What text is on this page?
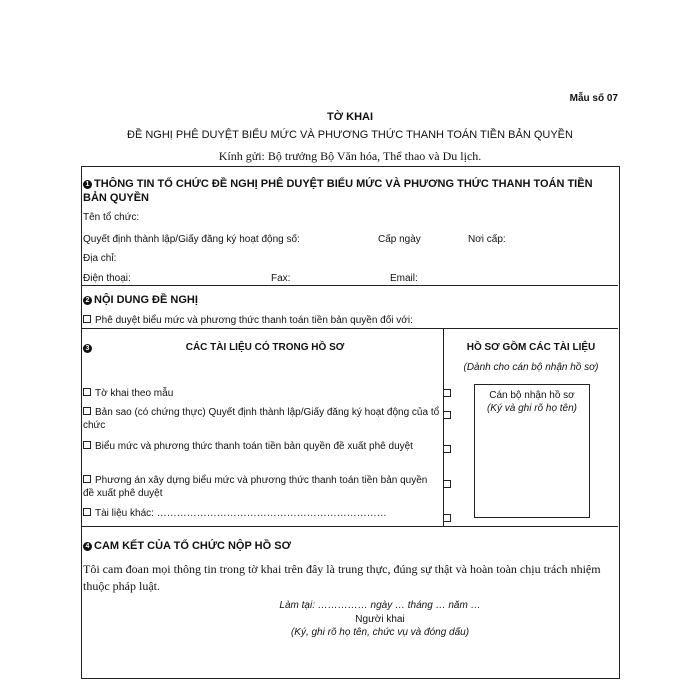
Mẫu số 07
TỜ KHAI
ĐỀ NGHỊ PHÊ DUYỆT BIỂU MỨC VÀ PHƯƠNG THỨC THANH TOÁN TIỀN BẢN QUYỀN
Kính gửi: Bộ trưởng Bộ Văn hóa, Thể thao và Du lịch.
1 THÔNG TIN TỔ CHỨC ĐỀ NGHỊ PHÊ DUYỆT BIỂU MỨC VÀ PHƯƠNG THỨC THANH TOÁN TIỀN BẢN QUYỀN
Tên tổ chức:
Quyết định thành lập/Giấy đăng ký hoạt động số:	Cấp ngày	Nơi cấp:
Địa chỉ:
Điện thoại:	Fax:	Email:
2 NỘI DUNG ĐỀ NGHỊ
Phê duyệt biểu mức và phương thức thanh toán tiền bản quyền đối với:
3	CÁC TÀI LIỆU CÓ TRONG HỒ SƠ
Tờ khai theo mẫu
Bản sao (có chứng thực) Quyết định thành lập/Giấy đăng ký hoạt động của tổ chức
Biểu mức và phương thức thanh toán tiền bản quyền đề xuất phê duyệt
Phương án xây dựng biểu mức và phương thức thanh toán tiền bản quyền đề xuất phê duyệt
Tài liệu khác: ……………………………………………………………
HỒ SƠ GỒM CÁC TÀI LIỆU
(Dành cho cán bộ nhận hồ sơ)
Cán bộ nhận hồ sơ
(Ký và ghi rõ họ tên)
4 CAM KẾT CỦA TỔ CHỨC NỘP HỒ SƠ
Tôi cam đoan mọi thông tin trong tờ khai trên đây là trung thực, đúng sự thật và hoàn toàn chịu trách nhiệm thuộc pháp luật.
Làm tại: …………… ngày … tháng … năm …
Người khai
(Ký, ghi rõ họ tên, chức vụ và đóng dấu)
